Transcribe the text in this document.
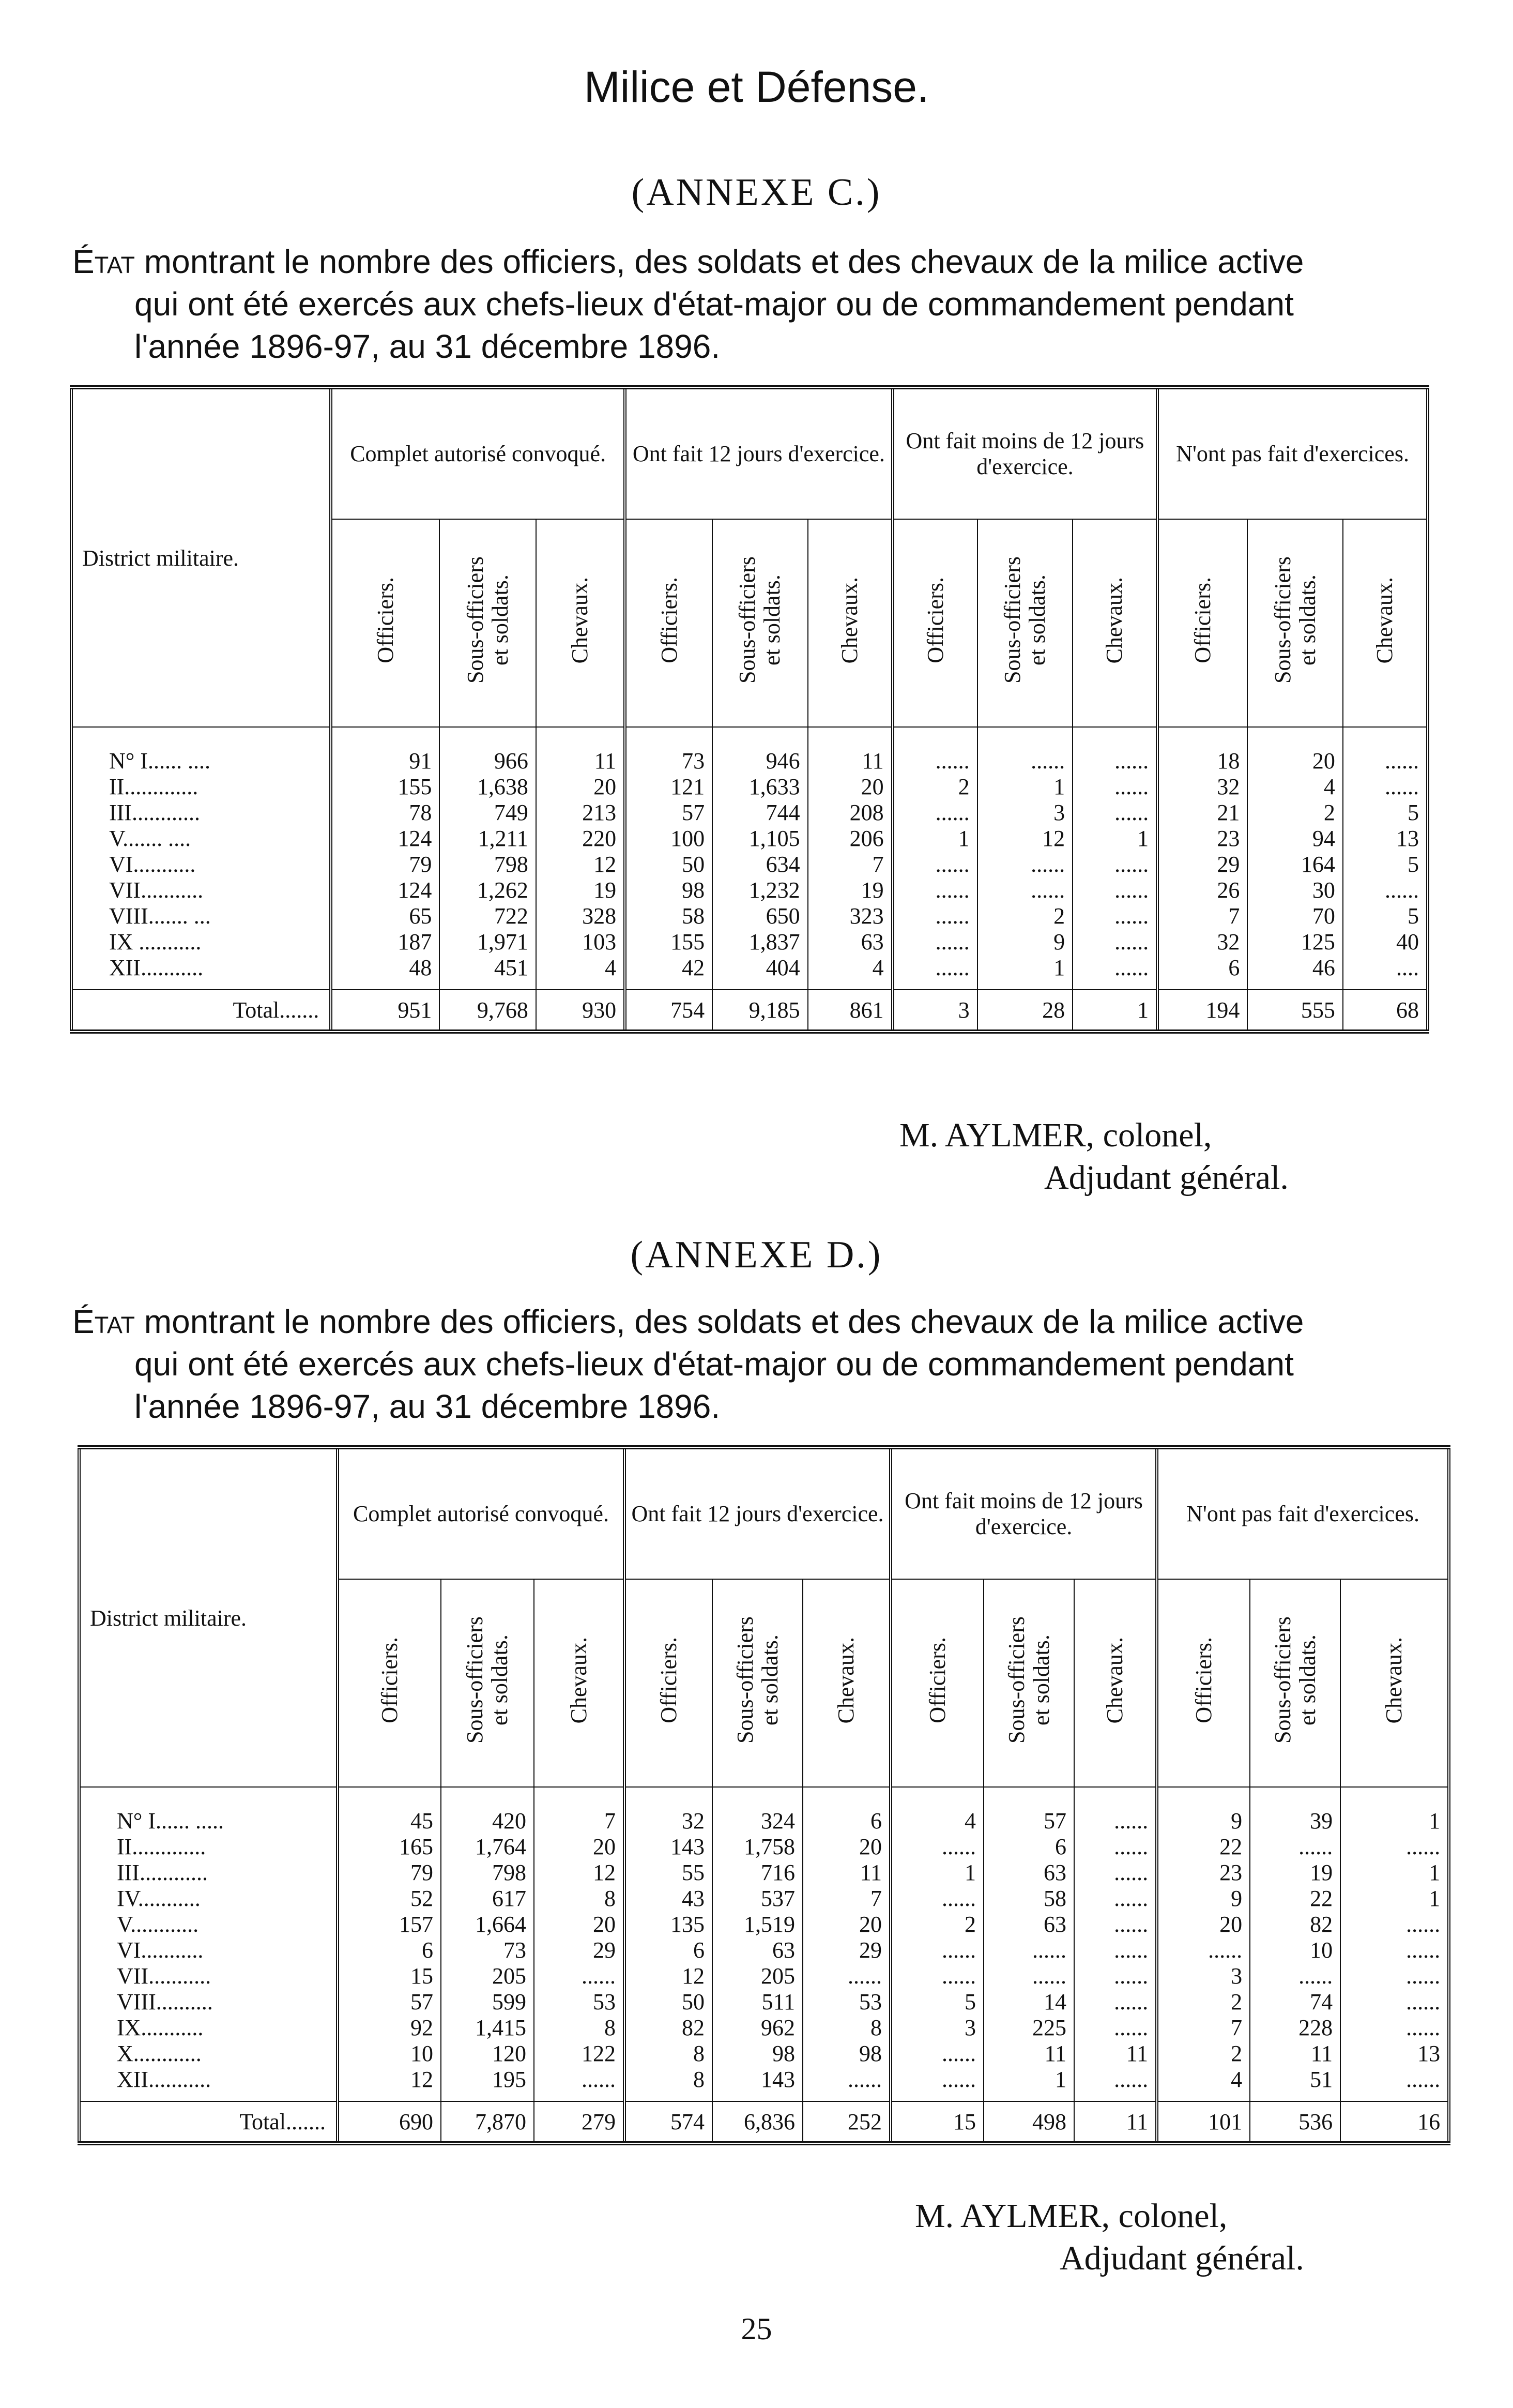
Milice et Défense.
(ANNEXE C.)
État montrant le nombre des officiers, des soldats et des chevaux de la milice active
qui ont été exercés aux chefs-lieux d'état-major ou de commandement pendant
l'année 1896-97, au 31 décembre 1896.
District militaire.	Complet autorisé convoqué.			Ont fait 12 jours d'exercice.			Ont fait moins de 12 jours d'exercice.			N'ont pas fait d'exercices.		
	Officiers.	Sous-officiers
et soldats.	Chevaux.	Officiers.	Sous-officiers
et soldats.	Chevaux.	Officiers.	Sous-officiers
et soldats.	Chevaux.	Officiers.	Sous-officiers
et soldats.	Chevaux.
N° I...... ....	91	966	11	73	946	11	......	......	......	18	20	......
II.............	155	1,638	20	121	1,633	20	2	1	......	32	4	......
III............	78	749	213	57	744	208	......	3	......	21	2	5
V....... ....	124	1,211	220	100	1,105	206	1	12	1	23	94	13
VI...........	79	798	12	50	634	7	......	......	......	29	164	5
VII...........	124	1,262	19	98	1,232	19	......	......	......	26	30	......
VIII....... ...	65	722	328	58	650	323	......	2	......	7	70	5
IX ...........	187	1,971	103	155	1,837	63	......	9	......	32	125	40
XII...........	48	451	4	42	404	4	......	1	......	6	46	....
Total.......	951	9,768	930	754	9,185	861	3	28	1	194	555	68
M. AYLMER, colonel,
Adjudant général.
(ANNEXE D.)
État montrant le nombre des officiers, des soldats et des chevaux de la milice active
qui ont été exercés aux chefs-lieux d'état-major ou de commandement pendant
l'année 1896-97, au 31 décembre 1896.
District militaire.	Complet autorisé convoqué.			Ont fait 12 jours d'exercice.			Ont fait moins de 12 jours d'exercice.			N'ont pas fait d'exercices.		
	Officiers.	Sous-officiers
et soldats.	Chevaux.	Officiers.	Sous-officiers
et soldats.	Chevaux.	Officiers.	Sous-officiers
et soldats.	Chevaux.	Officiers.	Sous-officiers
et soldats.	Chevaux.
N° I...... .....	45	420	7	32	324	6	4	57	......	9	39	1
II.............	165	1,764	20	143	1,758	20	......	6	......	22	......	......
III............	79	798	12	55	716	11	1	63	......	23	19	1
IV...........	52	617	8	43	537	7	......	58	......	9	22	1
V............	157	1,664	20	135	1,519	20	2	63	......	20	82	......
VI...........	6	73	29	6	63	29	......	......	......	......	10	......
VII...........	15	205	......	12	205	......	......	......	......	3	......	......
VIII..........	57	599	53	50	511	53	5	14	......	2	74	......
IX...........	92	1,415	8	82	962	8	3	225	......	7	228	......
X............	10	120	122	8	98	98	......	11	11	2	11	13
XII...........	12	195	......	8	143	......	......	1	......	4	51	......
Total.......	690	7,870	279	574	6,836	252	15	498	11	101	536	16
M. AYLMER, colonel,
Adjudant général.
25
